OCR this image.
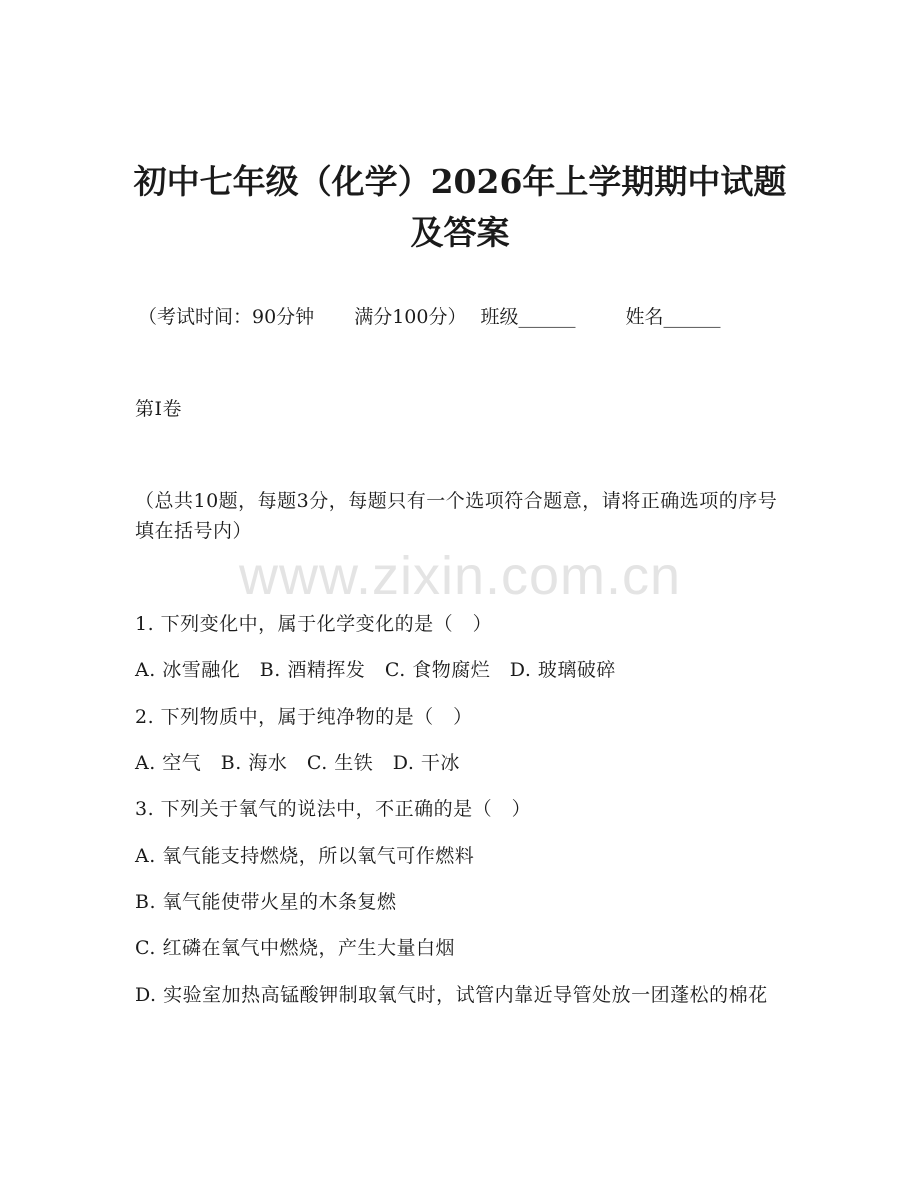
初中七年级（化学）2026年上学期期中试题
及答案
（考试时间：90分钟 满分100分） 班级______	姓名______
第Ⅰ卷
（总共10题，每题3分，每题只有一个选项符合题意，请将正确选项的序号填在括号内）
www.zixin.com.cn
1. 下列变化中，属于化学变化的是（　）
A. 冰雪融化　B. 酒精挥发　C. 食物腐烂　D. 玻璃破碎
2. 下列物质中，属于纯净物的是（　）
A. 空气　B. 海水　C. 生铁　D. 干冰
3. 下列关于氧气的说法中，不正确的是（　）
A. 氧气能支持燃烧，所以氧气可作燃料
B. 氧气能使带火星的木条复燃
C. 红磷在氧气中燃烧，产生大量白烟
D. 实验室加热高锰酸钾制取氧气时，试管内靠近导管处放一团蓬松的棉花
